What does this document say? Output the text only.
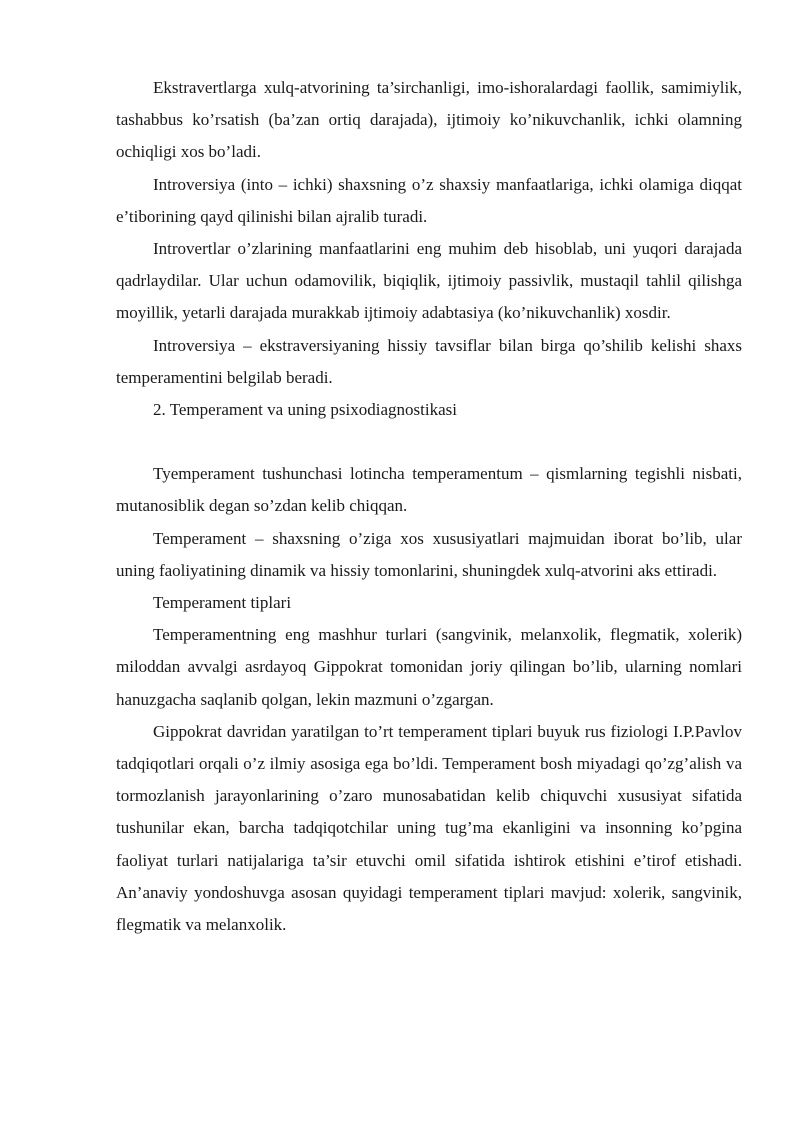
Ekstravertlarga xulq-atvorining ta’sirchanligi, imo-ishoralardagi faollik, samimiylik, tashabbus ko’rsatish (ba’zan ortiq darajada), ijtimoiy ko’nikuvchanlik, ichki olamning ochiqligi xos bo’ladi.

Introversiya (into – ichki) shaxsning o’z shaxsiy manfaatlariga, ichki olamiga diqqat e’tiborining qayd qilinishi bilan ajralib turadi.

Introvertlar o’zlarining manfaatlarini eng muhim deb hisoblab, uni yuqori darajada qadrlaydilar. Ular uchun odamovilik, biqiqlik, ijtimoiy passivlik, mustaqil tahlil qilishga moyillik, yetarli darajada murakkab ijtimoiy adabtasiya (ko’nikuvchanlik) xosdir.

Introversiya – ekstraversiyaning hissiy tavsiflar bilan birga qo’shilib kelishi shaxs temperamentini belgilab beradi.

2. Temperament va uning psixodiagnostikasi

Tyemperament tushunchasi lotincha temperamentum – qismlarning tegishli nisbati, mutanosiblik degan so’zdan kelib chiqqan.

Temperament – shaxsning o’ziga xos xususiyatlari majmuidan iborat bo’lib, ular uning faoliyatining dinamik va hissiy tomonlarini, shuningdek xulq-atvorini aks ettiradi.

Temperament tiplari

Temperamentning eng mashhur turlari (sangvinik, melanxolik, flegmatik, xolerik) miloddan avvalgi asrdayoq Gippokrat tomonidan joriy qilingan bo’lib, ularning nomlari hanuzgacha saqlanib qolgan, lekin mazmuni o’zgargan.

Gippokrat davridan yaratilgan to’rt temperament tiplari buyuk rus fiziologi I.P.Pavlov tadqiqotlari orqali o’z ilmiy asosiga ega bo’ldi. Temperament bosh miyadagi qo’zg’alish va tormozlanish jarayonlarining o’zaro munosabatidan kelib chiquvchi xususiyat sifatida tushunilar ekan, barcha tadqiqotchilar uning tug’ma ekanligini va insonning ko’pgina faoliyat turlari natijalariga ta’sir etuvchi omil sifatida ishtirok etishini e’tirof etishadi. An’anaviy yondoshuvga asosan quyidagi temperament tiplari mavjud: xolerik, sangvinik, flegmatik va melanxolik.
